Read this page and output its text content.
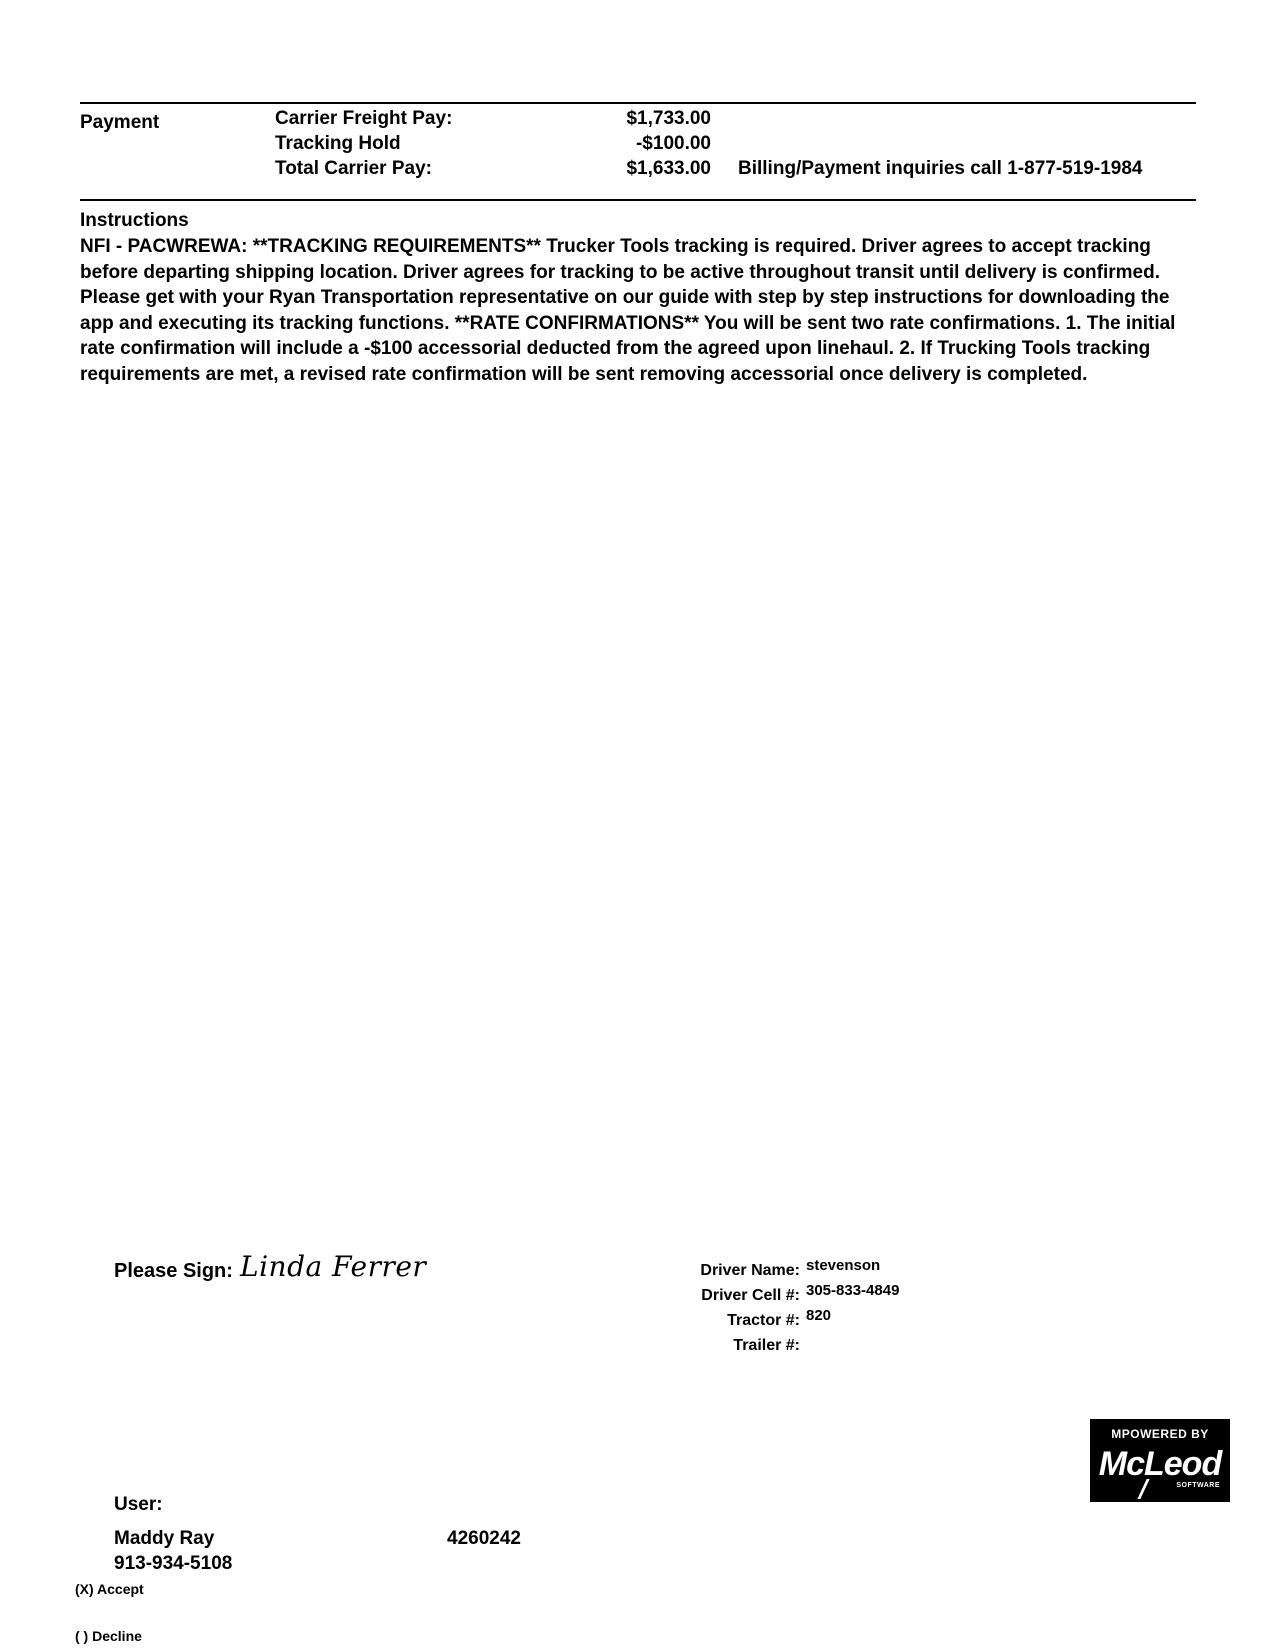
Payment	Carrier Freight Pay:	$1,733.00
Tracking Hold	-$100.00
Total Carrier Pay:	$1,633.00 Billing/Payment inquiries call 1-877-519-1984
Instructions
NFI - PACWREWA: **TRACKING REQUIREMENTS** Trucker Tools tracking is required. Driver agrees to accept tracking before departing shipping location. Driver agrees for tracking to be active throughout transit until delivery is confirmed. Please get with your Ryan Transportation representative on our guide with step by step instructions for downloading the app and executing its tracking functions. **RATE CONFIRMATIONS** You will be sent two rate confirmations. 1. The initial rate confirmation will include a -$100 accessorial deducted from the agreed upon linehaul. 2. If Trucking Tools tracking requirements are met, a revised rate confirmation will be sent removing accessorial once delivery is completed.
Please Sign: Linda Ferrer	Driver Name: stevenson
Driver Cell #: 305-833-4849
Tractor #: 820
Trailer #:
MPOWERED BY
McLeod
SOFTWARE
User:
Maddy Ray
913-934-5108
4260242
(X) Accept
( ) Decline
